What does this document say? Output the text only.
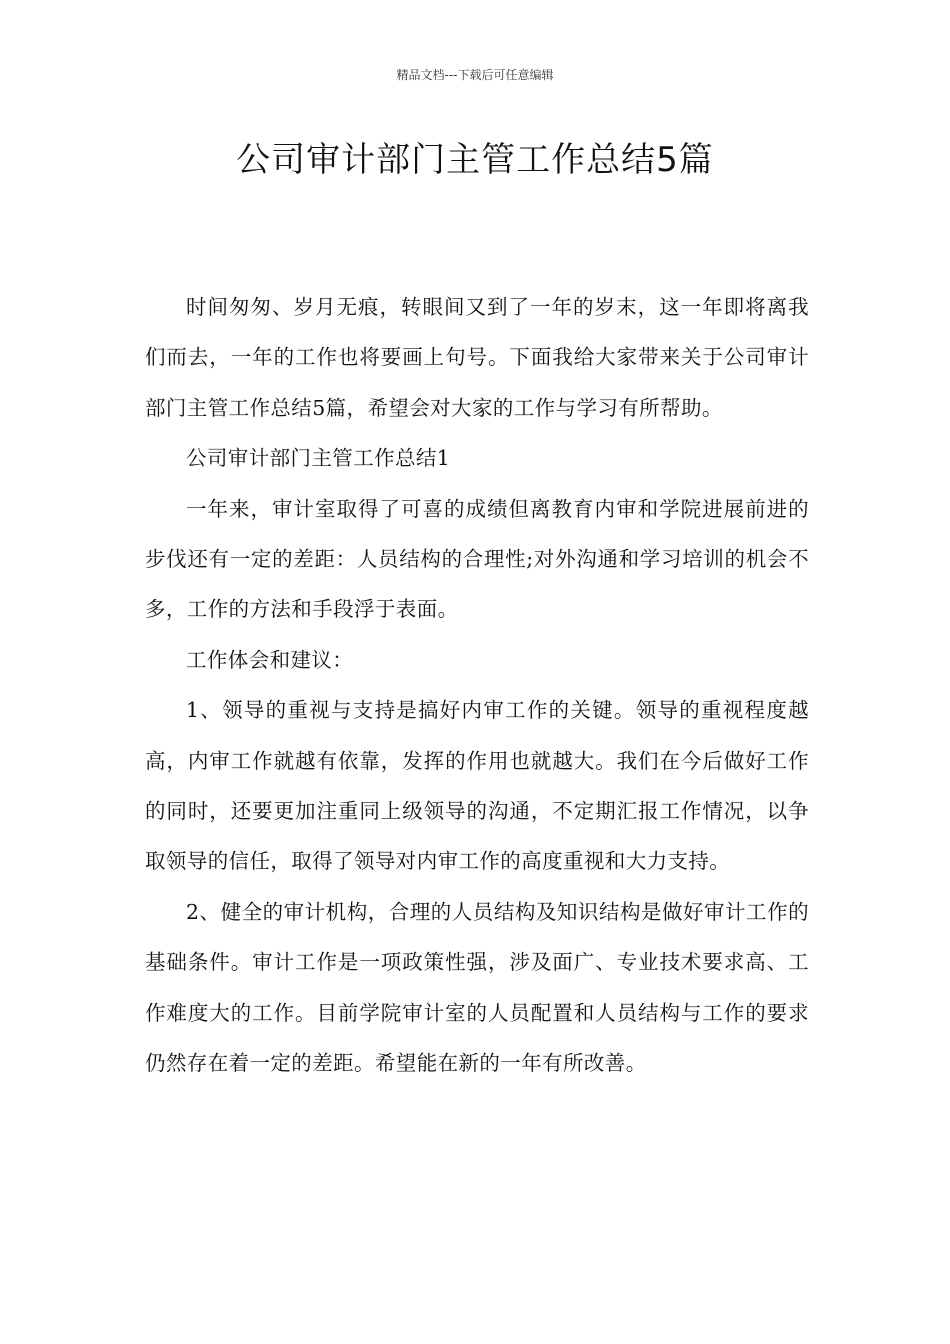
精品文档---下载后可任意编辑
公司审计部门主管工作总结5篇

时间匆匆、岁月无痕，转眼间又到了一年的岁末，这一年即将离我们而去，一年的工作也将要画上句号。下面我给大家带来关于公司审计部门主管工作总结5篇，希望会对大家的工作与学习有所帮助。

公司审计部门主管工作总结1

一年来，审计室取得了可喜的成绩但离教育内审和学院进展前进的步伐还有一定的差距：人员结构的合理性;对外沟通和学习培训的机会不多，工作的方法和手段浮于表面。

工作体会和建议：

1、领导的重视与支持是搞好内审工作的关键。领导的重视程度越高，内审工作就越有依靠，发挥的作用也就越大。我们在今后做好工作的同时，还要更加注重同上级领导的沟通，不定期汇报工作情况，以争取领导的信任，取得了领导对内审工作的高度重视和大力支持。

2、健全的审计机构，合理的人员结构及知识结构是做好审计工作的基础条件。审计工作是一项政策性强，涉及面广、专业技术要求高、工作难度大的工作。目前学院审计室的人员配置和人员结构与工作的要求仍然存在着一定的差距。希望能在新的一年有所改善。
